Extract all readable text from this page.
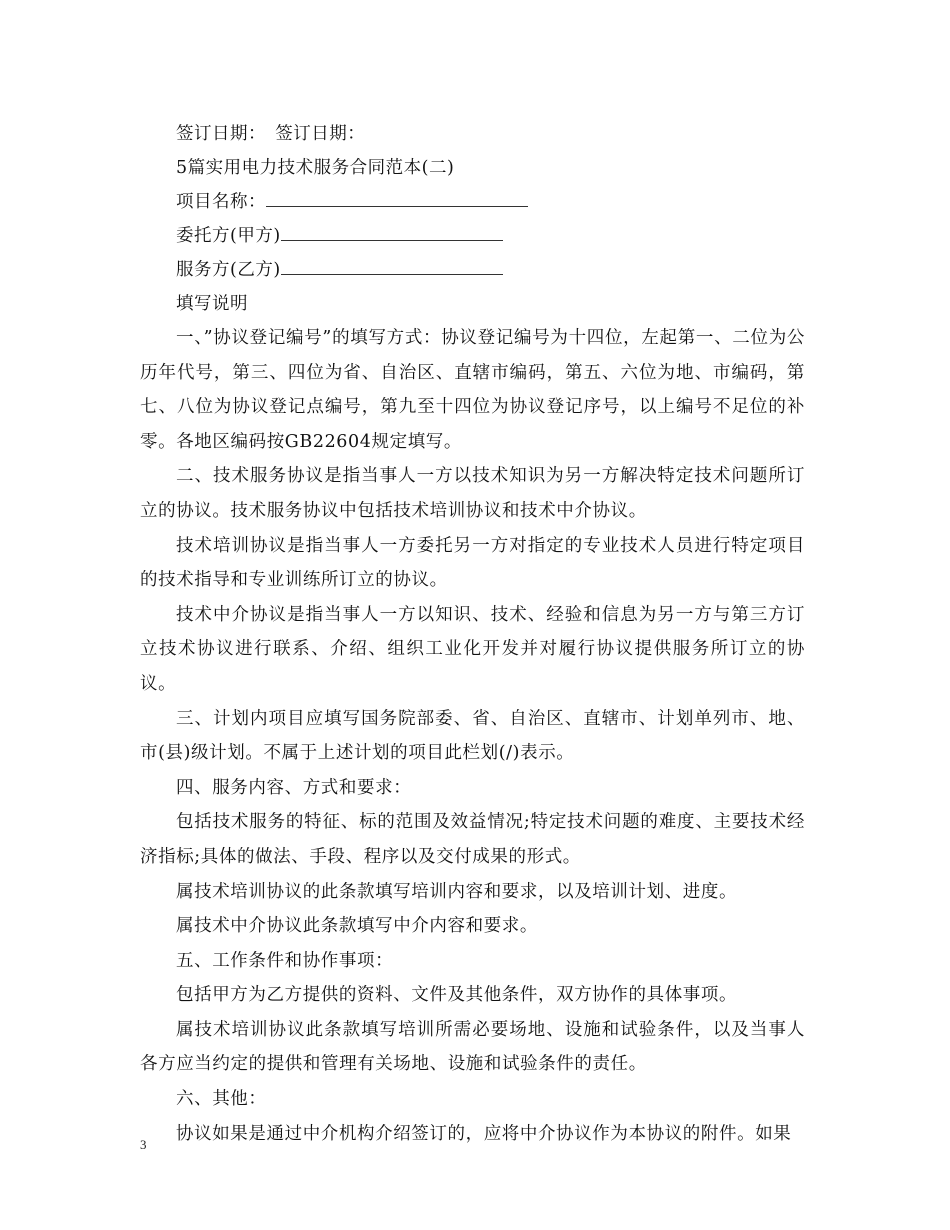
签订日期：　签订日期：
5篇实用电力技术服务合同范本(二)
项目名称：
委托方(甲方)
服务方(乙方)
填写说明

一、”协议登记编号”的填写方式：协议登记编号为十四位，左起第一、二位为公历年代号，第三、四位为省、自治区、直辖市编码，第五、六位为地、市编码，第七、八位为协议登记点编号，第九至十四位为协议登记序号，以上编号不足位的补零。各地区编码按GB22604规定填写。

二、技术服务协议是指当事人一方以技术知识为另一方解决特定技术问题所订立的协议。技术服务协议中包括技术培训协议和技术中介协议。

技术培训协议是指当事人一方委托另一方对指定的专业技术人员进行特定项目的技术指导和专业训练所订立的协议。

技术中介协议是指当事人一方以知识、技术、经验和信息为另一方与第三方订立技术协议进行联系、介绍、组织工业化开发并对履行协议提供服务所订立的协议。

三、计划内项目应填写国务院部委、省、自治区、直辖市、计划单列市、地、市(县)级计划。不属于上述计划的项目此栏划(/)表示。

四、服务内容、方式和要求：

包括技术服务的特征、标的范围及效益情况;特定技术问题的难度、主要技术经济指标;具体的做法、手段、程序以及交付成果的形式。

属技术培训协议的此条款填写培训内容和要求，以及培训计划、进度。

属技术中介协议此条款填写中介内容和要求。

五、工作条件和协作事项：

包括甲方为乙方提供的资料、文件及其他条件，双方协作的具体事项。

属技术培训协议此条款填写培训所需必要场地、设施和试验条件，以及当事人各方应当约定的提供和管理有关场地、设施和试验条件的责任。

六、其他：

协议如果是通过中介机构介绍签订的，应将中介协议作为本协议的附件。如果

3
